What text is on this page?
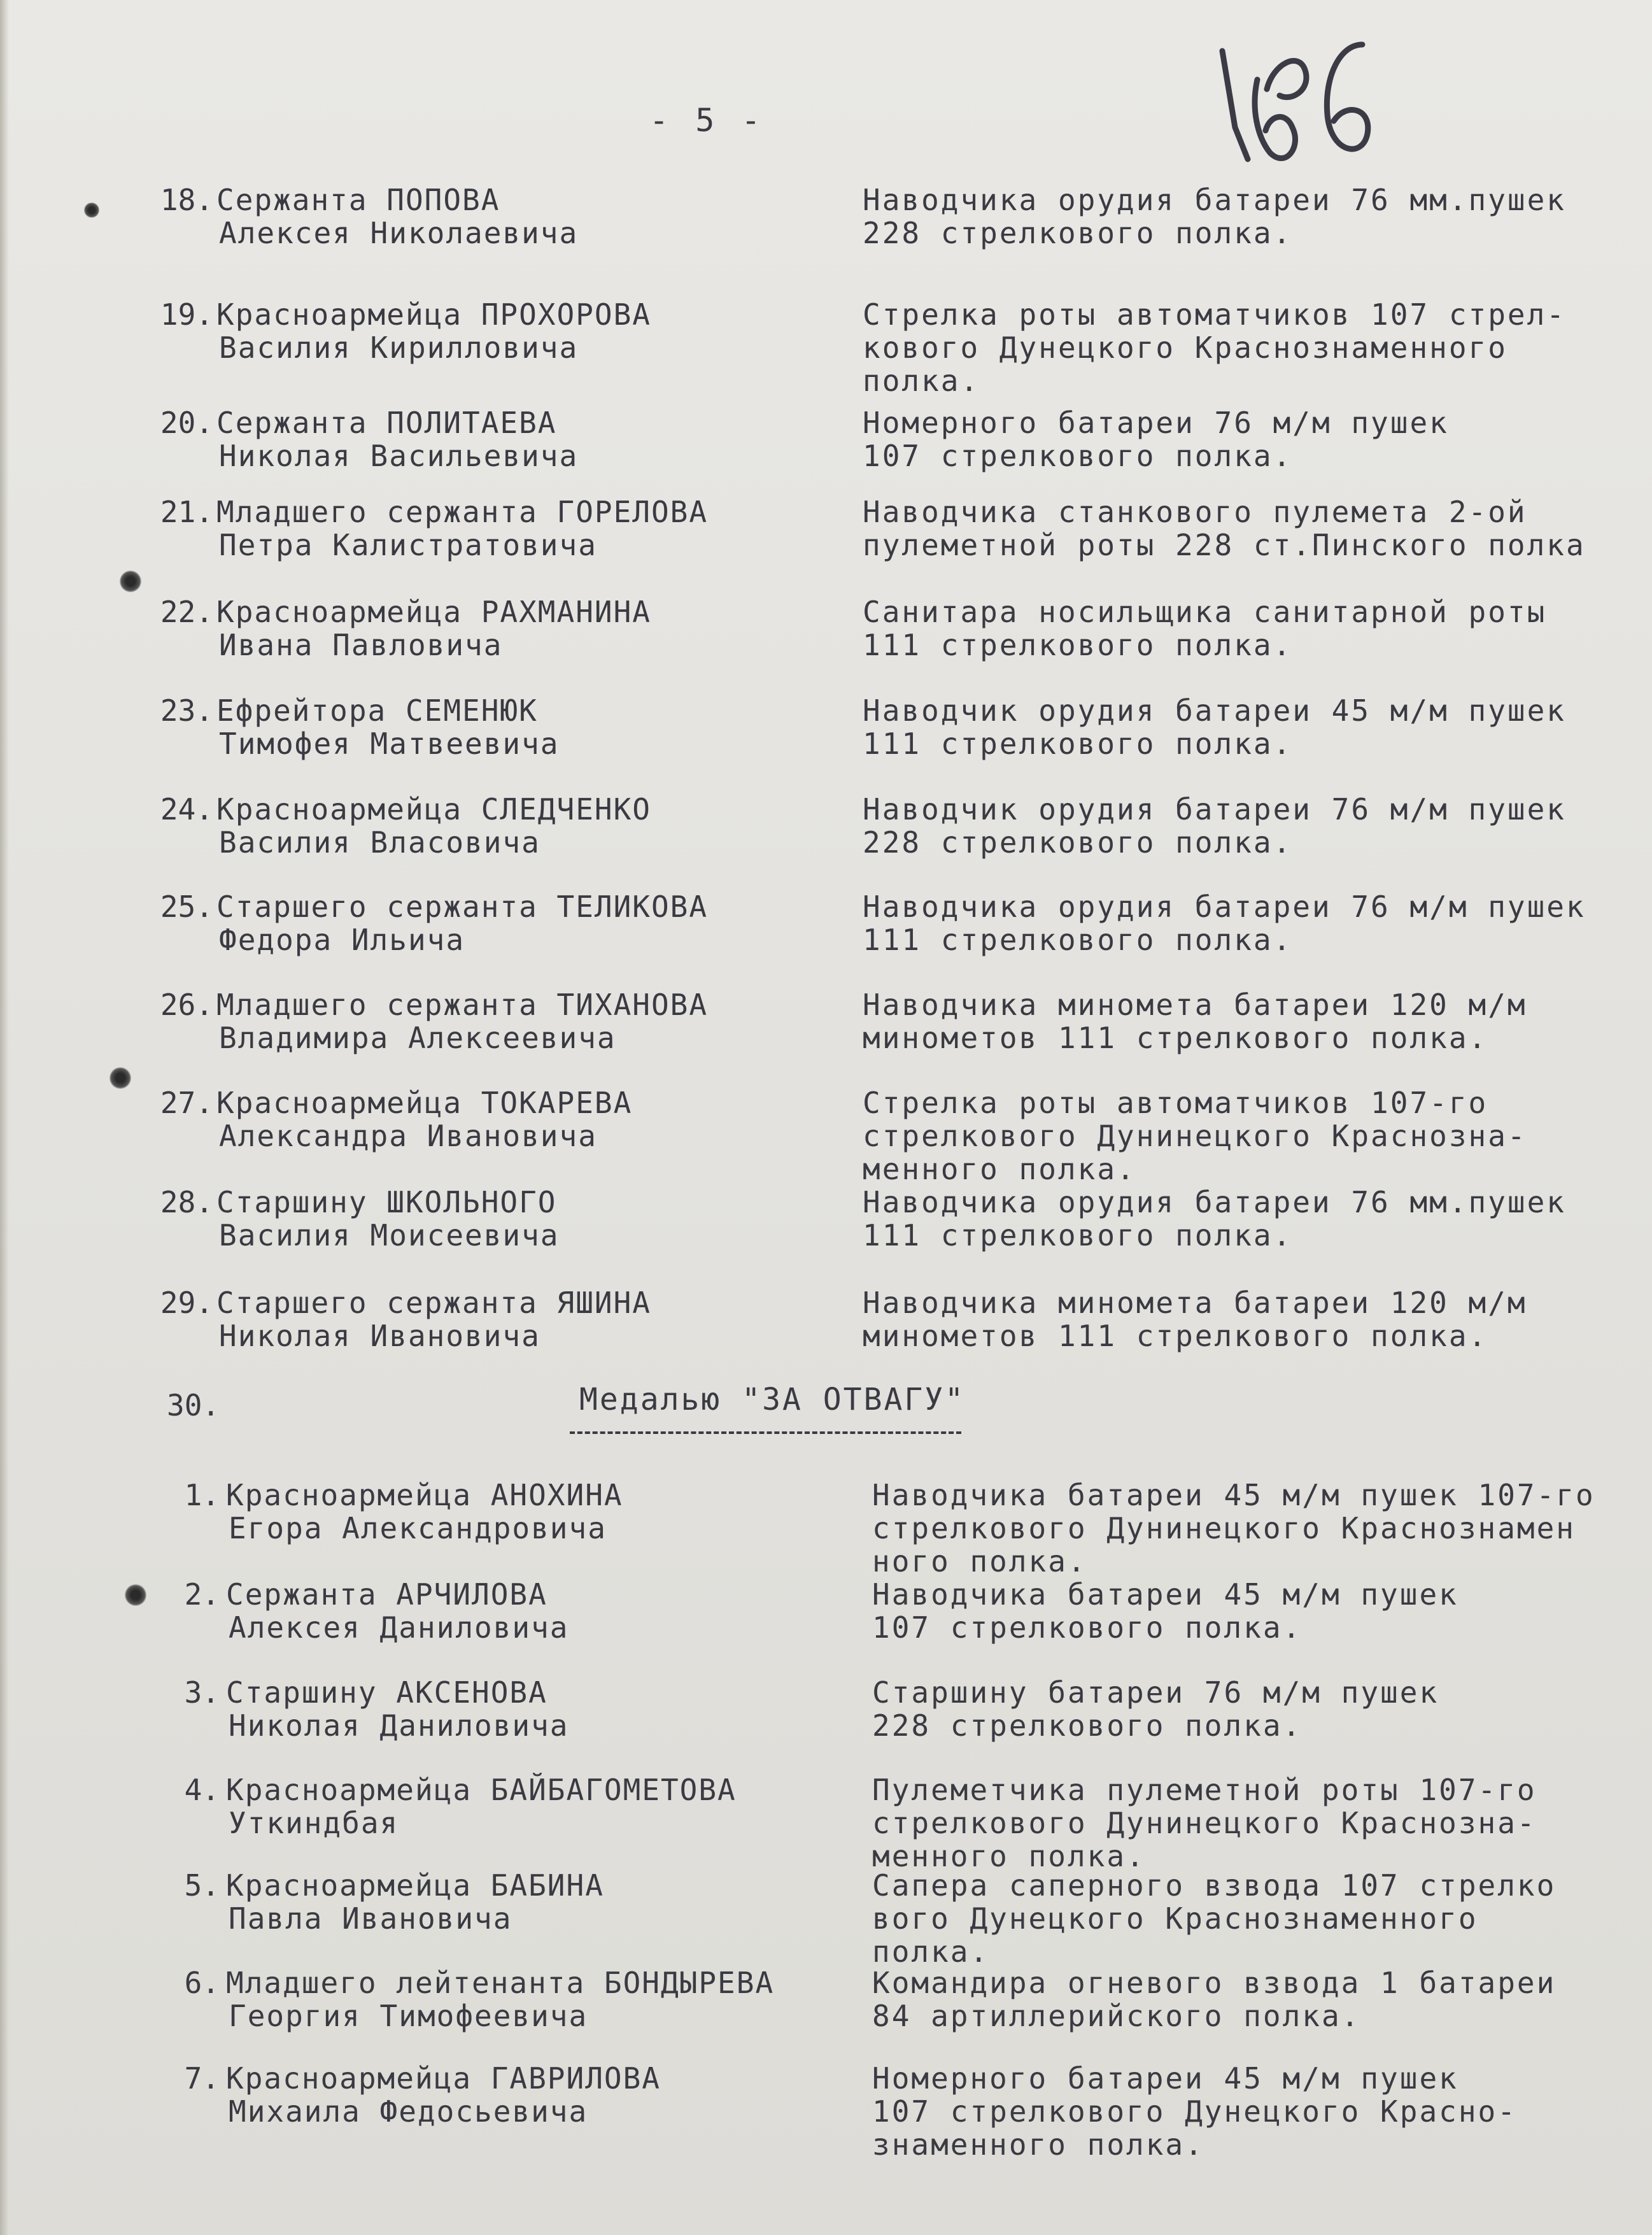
- 5 -
18. Сержанта ПОПОВА

Алексея Николаевича
Наводчика орудия батареи 76 мм.пушек
228 стрелкового полка.
19. Красноармейца ПРОХОРОВА

Василия Кирилловича
Стрелка роты автоматчиков 107 стрел-
кового Дунецкого Краснознаменного
полка.
20. Сержанта ПОЛИТАЕВА

Николая Васильевича
Номерного батареи 76 м/м пушек
107 стрелкового полка.
21. Младшего сержанта ГОРЕЛОВА

Петра Калистратовича
Наводчика станкового пулемета 2-ой
пулеметной роты 228 ст.Пинского полка
22. Красноармейца РАХМАНИНА

Ивана Павловича
Санитара носильщика санитарной роты
111 стрелкового полка.
23. Ефрейтора СЕМЕНЮК

Тимофея Матвеевича
Наводчик орудия батареи 45 м/м пушек
111 стрелкового полка.
24. Красноармейца СЛЕДЧЕНКО

Василия Власовича
Наводчик орудия батареи 76 м/м пушек
228 стрелкового полка.
25. Старшего сержанта ТЕЛИКОВА

Федора Ильича
Наводчика орудия батареи 76 м/м пушек
111 стрелкового полка.
26. Младшего сержанта ТИХАНОВА

Владимира Алексеевича
Наводчика миномета батареи 120 м/м
минометов 111 стрелкового полка.
27. Красноармейца ТОКАРЕВА

Александра Ивановича
Стрелка роты автоматчиков 107-го
стрелкового Дунинецкого Краснозна-
менного полка.
28. Старшину ШКОЛЬНОГО

Василия Моисеевича
Наводчика орудия батареи 76 мм.пушек
111 стрелкового полка.
29. Старшего сержанта ЯШИНА

Николая Ивановича
Наводчика миномета батареи 120 м/м
минометов 111 стрелкового полка.
30.	Медалью "ЗА ОТВАГУ"
1. Красноармейца АНОХИНА

Егора Александровича
Наводчика батареи 45 м/м пушек 107-го
стрелкового Дунинецкого Краснознамен
ного полка.
2. Сержанта АРЧИЛОВА

Алексея Даниловича
Наводчика батареи 45 м/м пушек
107 стрелкового полка.
3. Старшину АКСЕНОВА

Николая Даниловича
Старшину батареи 76 м/м пушек
228 стрелкового полка.
4. Красноармейца БАЙБАГОМЕТОВА

Уткиндбая
Пулеметчика пулеметной роты 107-го
стрелкового Дунинецкого Краснозна-
менного полка.
5. Красноармейца БАБИНА

Павла Ивановича
Сапера саперного взвода 107 стрелко
вого Дунецкого Краснознаменного
полка.
6. Младшего лейтенанта БОНДЫРЕВА

Георгия Тимофеевича
Командира огневого взвода 1 батареи
84 артиллерийского полка.
7. Красноармейца ГАВРИЛОВА

Михаила Федосьевича
Номерного батареи 45 м/м пушек
107 стрелкового Дунецкого Красно-
знаменного полка.
